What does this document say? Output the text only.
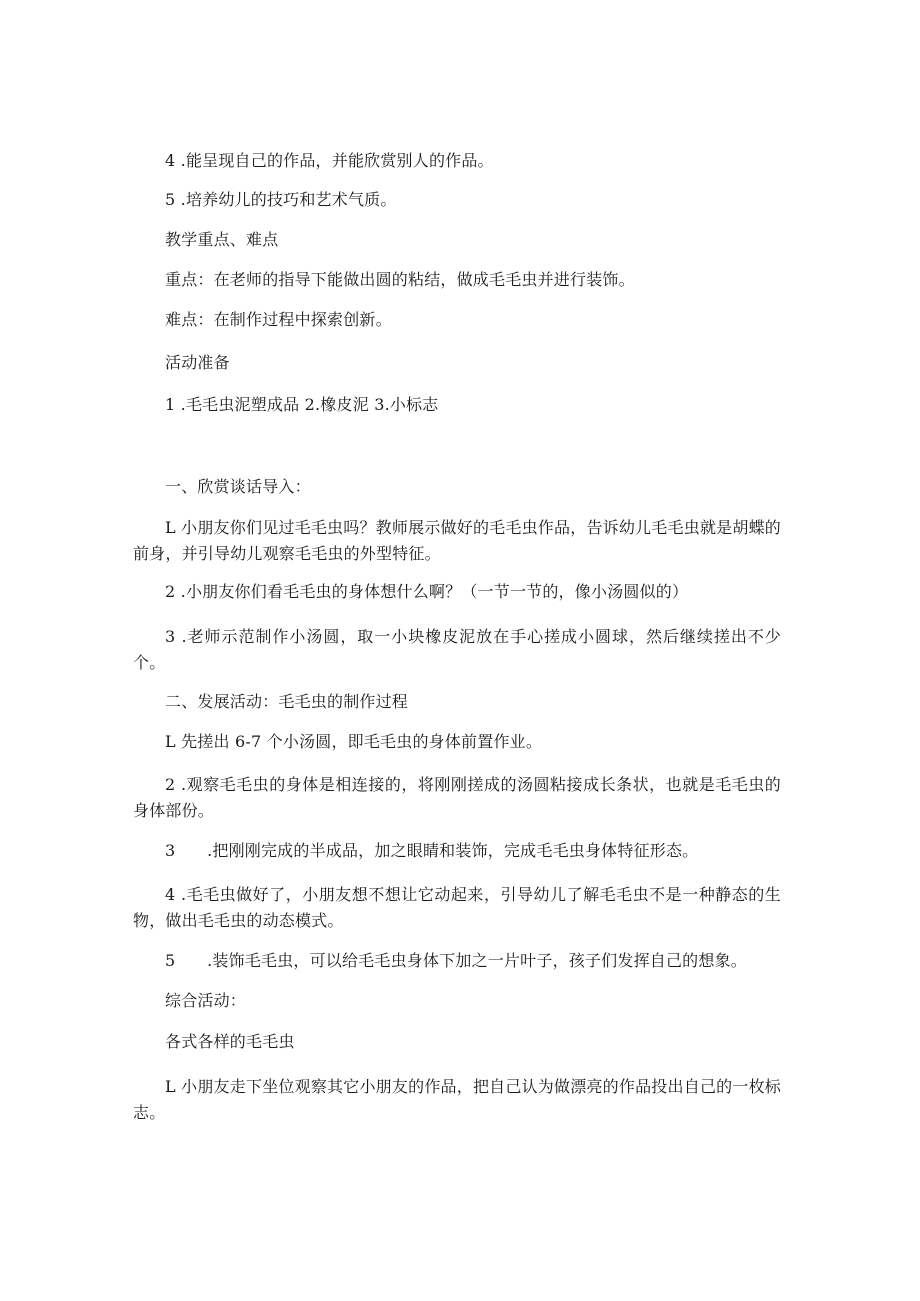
4 .能呈现自己的作品，并能欣赏别人的作品。
5 .培养幼儿的技巧和艺术气质。
教学重点、难点
重点：在老师的指导下能做出圆的粘结，做成毛毛虫并进行装饰。
难点：在制作过程中探索创新。
活动准备
1 .毛毛虫泥塑成品 2.橡皮泥 3.小标志
一、欣赏谈话导入：
L 小朋友你们见过毛毛虫吗？教师展示做好的毛毛虫作品，告诉幼儿毛毛虫就是胡蝶的前身，并引导幼儿观察毛毛虫的外型特征。
2 .小朋友你们看毛毛虫的身体想什么啊？（一节一节的，像小汤圆似的）
3 .老师示范制作小汤圆，取一小块橡皮泥放在手心搓成小圆球，然后继续搓出不少个。
二、发展活动：毛毛虫的制作过程
L 先搓出 6-7 个小汤圆，即毛毛虫的身体前置作业。
2 .观察毛毛虫的身体是相连接的，将刚刚搓成的汤圆粘接成长条状，也就是毛毛虫的身体部份。
3      .把刚刚完成的半成品，加之眼睛和装饰，完成毛毛虫身体特征形态。
4 .毛毛虫做好了，小朋友想不想让它动起来，引导幼儿了解毛毛虫不是一种静态的生物，做出毛毛虫的动态模式。
5      .装饰毛毛虫，可以给毛毛虫身体下加之一片叶子，孩子们发挥自己的想象。
综合活动：
各式各样的毛毛虫
L 小朋友走下坐位观察其它小朋友的作品，把自己认为做漂亮的作品投出自己的一枚标志。
